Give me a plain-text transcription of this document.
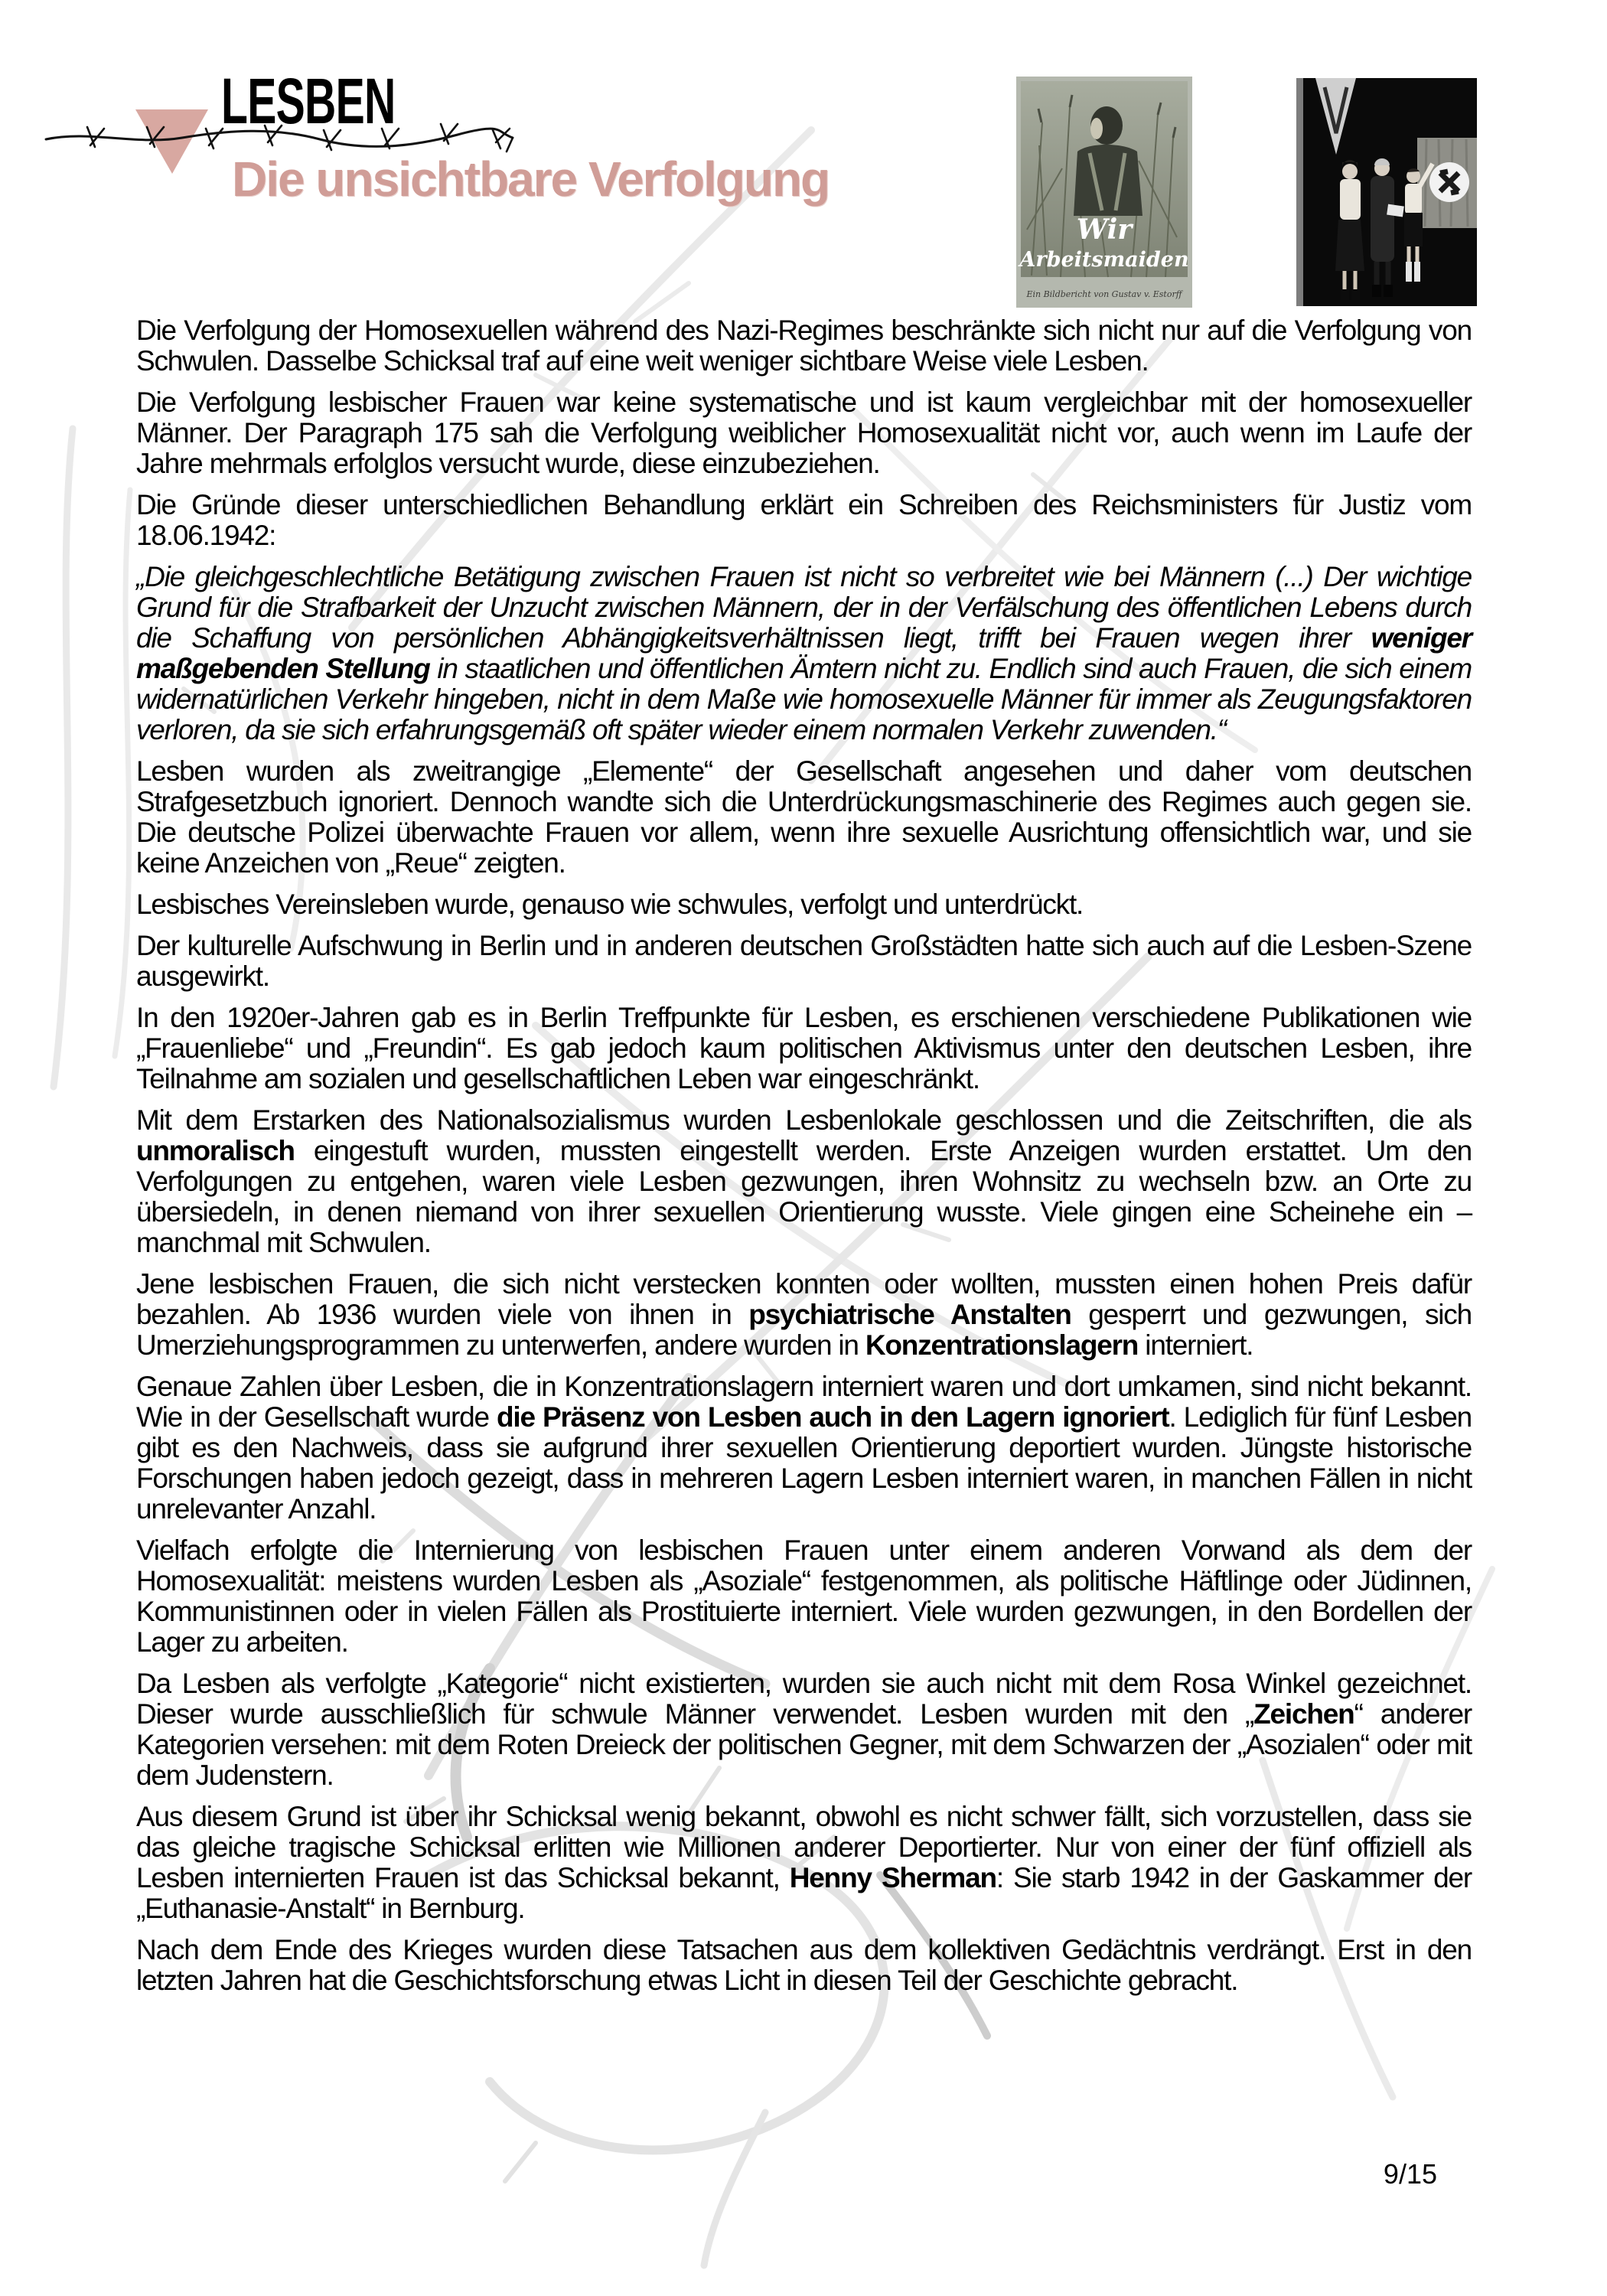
LESBEN
Die unsichtbare Verfolgung
Wir
Arbeitsmaiden
Ein Bildbericht von Gustav v. Estorff

Die Verfolgung der Homosexuellen während des Nazi-Regimes beschränkte sich nicht nur auf die Verfolgung von Schwulen. Dasselbe Schicksal traf auf eine weit weniger sichtbare Weise viele Lesben.

Die Verfolgung lesbischer Frauen war keine systematische und ist kaum vergleichbar mit der homosexueller Männer. Der Paragraph 175 sah die Verfolgung weiblicher Homosexualität nicht vor, auch wenn im Laufe der Jahre mehrmals erfolglos versucht wurde, diese einzubeziehen.

Die Gründe dieser unterschiedlichen Behandlung erklärt ein Schreiben des Reichsministers für Justiz vom 18.06.1942:

„Die gleichgeschlechtliche Betätigung zwischen Frauen ist nicht so verbreitet wie bei Männern (...) Der wichtige Grund für die Strafbarkeit der Unzucht zwischen Männern, der in der Verfälschung des öffentlichen Lebens durch die Schaffung von persönlichen Abhängigkeitsverhältnissen liegt, trifft bei Frauen wegen ihrer weniger maßgebenden Stellung in staatlichen und öffentlichen Ämtern nicht zu. Endlich sind auch Frauen, die sich einem widernatürlichen Verkehr hingeben, nicht in dem Maße wie homosexuelle Männer für immer als Zeugungsfaktoren verloren, da sie sich erfahrungsgemäß oft später wieder einem normalen Verkehr zuwenden.“

Lesben wurden als zweitrangige „Elemente“ der Gesellschaft angesehen und daher vom deutschen Strafgesetzbuch ignoriert. Dennoch wandte sich die Unterdrückungsmaschinerie des Regimes auch gegen sie. Die deutsche Polizei überwachte Frauen vor allem, wenn ihre sexuelle Ausrichtung offensichtlich war, und sie keine Anzeichen von „Reue“ zeigten.

Lesbisches Vereinsleben wurde, genauso wie schwules, verfolgt und unterdrückt.

Der kulturelle Aufschwung in Berlin und in anderen deutschen Großstädten hatte sich auch auf die Lesben-Szene ausgewirkt.

In den 1920er-Jahren gab es in Berlin Treffpunkte für Lesben, es erschienen verschiedene Publikationen wie „Frauenliebe“ und „Freundin“. Es gab jedoch kaum politischen Aktivismus unter den deutschen Lesben, ihre Teilnahme am sozialen und gesellschaftlichen Leben war eingeschränkt.

Mit dem Erstarken des Nationalsozialismus wurden Lesbenlokale geschlossen und die Zeitschriften, die als unmoralisch eingestuft wurden, mussten eingestellt werden. Erste Anzeigen wurden erstattet. Um den Verfolgungen zu entgehen, waren viele Lesben gezwungen, ihren Wohnsitz zu wechseln bzw. an Orte zu übersiedeln, in denen niemand von ihrer sexuellen Orientierung wusste. Viele gingen eine Scheinehe ein – manchmal mit Schwulen.

Jene lesbischen Frauen, die sich nicht verstecken konnten oder wollten, mussten einen hohen Preis dafür bezahlen. Ab 1936 wurden viele von ihnen in psychiatrische Anstalten gesperrt und gezwungen, sich Umerziehungsprogrammen zu unterwerfen, andere wurden in Konzentrationslagern interniert.

Genaue Zahlen über Lesben, die in Konzentrationslagern interniert waren und dort umkamen, sind nicht bekannt. Wie in der Gesellschaft wurde die Präsenz von Lesben auch in den Lagern ignoriert. Lediglich für fünf Lesben gibt es den Nachweis, dass sie aufgrund ihrer sexuellen Orientierung deportiert wurden. Jüngste historische Forschungen haben jedoch gezeigt, dass in mehreren Lagern Lesben interniert waren, in manchen Fällen in nicht unrelevanter Anzahl.

Vielfach erfolgte die Internierung von lesbischen Frauen unter einem anderen Vorwand als dem der Homosexualität: meistens wurden Lesben als „Asoziale“ festgenommen, als politische Häftlinge oder Jüdinnen, Kommunistinnen oder in vielen Fällen als Prostituierte interniert. Viele wurden gezwungen, in den Bordellen der Lager zu arbeiten.

Da Lesben als verfolgte „Kategorie“ nicht existierten, wurden sie auch nicht mit dem Rosa Winkel gezeichnet. Dieser wurde ausschließlich für schwule Männer verwendet. Lesben wurden mit den „Zeichen“ anderer Kategorien versehen: mit dem Roten Dreieck der politischen Gegner, mit dem Schwarzen der „Asozialen“ oder mit dem Judenstern.

Aus diesem Grund ist über ihr Schicksal wenig bekannt, obwohl es nicht schwer fällt, sich vorzustellen, dass sie das gleiche tragische Schicksal erlitten wie Millionen anderer Deportierter. Nur von einer der fünf offiziell als Lesben internierten Frauen ist das Schicksal bekannt, Henny Sherman: Sie starb 1942 in der Gaskammer der „Euthanasie-Anstalt“ in Bernburg.

Nach dem Ende des Krieges wurden diese Tatsachen aus dem kollektiven Gedächtnis verdrängt. Erst in den letzten Jahren hat die Geschichtsforschung etwas Licht in diesen Teil der Geschichte gebracht.

9/15
